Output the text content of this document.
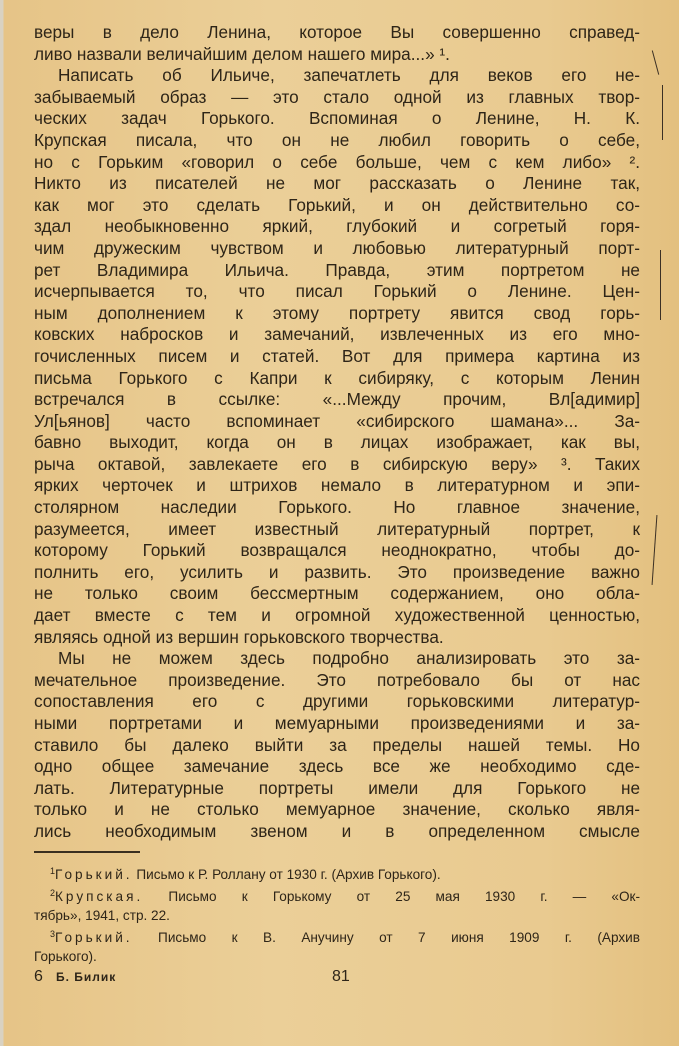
веры в дело Ленина, которое Вы совершенно справед-
ливо назвали величайшим делом нашего мира...» ¹.
Написать об Ильиче, запечатлеть для веков его не-
забываемый образ — это стало одной из главных твор-
ческих задач Горького. Вспоминая о Ленине, Н. К.
Крупская писала, что он не любил говорить о себе,
но с Горьким «говорил о себе больше, чем с кем либо» ².
Никто из писателей не мог рассказать о Ленине так,
как мог это сделать Горький, и он действительно со-
здал необыкновенно яркий, глубокий и согретый горя-
чим дружеским чувством и любовью литературный порт-
рет Владимира Ильича. Правда, этим портретом не
исчерпывается то, что писал Горький о Ленине. Цен-
ным дополнением к этому портрету явится свод горь-
ковских набросков и замечаний, извлеченных из его мно-
гочисленных писем и статей. Вот для примера картина из
письма Горького с Капри к сибиряку, с которым Ленин
встречался в ссылке: «...Между прочим, Вл[адимир]
Ул[ьянов] часто вспоминает «сибирского шамана»... За-
бавно выходит, когда он в лицах изображает, как вы,
рыча октавой, завлекаете его в сибирскую веру» ³. Таких
ярких черточек и штрихов немало в литературном и эпи-
столярном наследии Горького. Но главное значение,
разумеется, имеет известный литературный портрет, к
которому Горький возвращался неоднократно, чтобы до-
полнить его, усилить и развить. Это произведение важно
не только своим бессмертным содержанием, оно обла-
дает вместе с тем и огромной художественной ценностью,
являясь одной из вершин горьковского творчества.
Мы не можем здесь подробно анализировать это за-
мечательное произведение. Это потребовало бы от нас
сопоставления его с другими горьковскими литератур-
ными портретами и мемуарными произведениями и за-
ставило бы далеко выйти за пределы нашей темы. Но
одно общее замечание здесь все же необходимо сде-
лать. Литературные портреты имели для Горького не
только и не столько мемуарное значение, сколько явля-
лись необходимым звеном и в определенном смысле
$^1$Горький. Письмо к Р. Роллану от 1930 г. (Архив Горького).
$^2$Крупская. Письмо к Горькому от 25 мая 1930 г. — «Ок-
тябрь», 1941, стр. 22.
$^3$Горький. Письмо к В. Анучину от 7 июня 1909 г. (Архив
Горького).
6 Б. Билик	81
